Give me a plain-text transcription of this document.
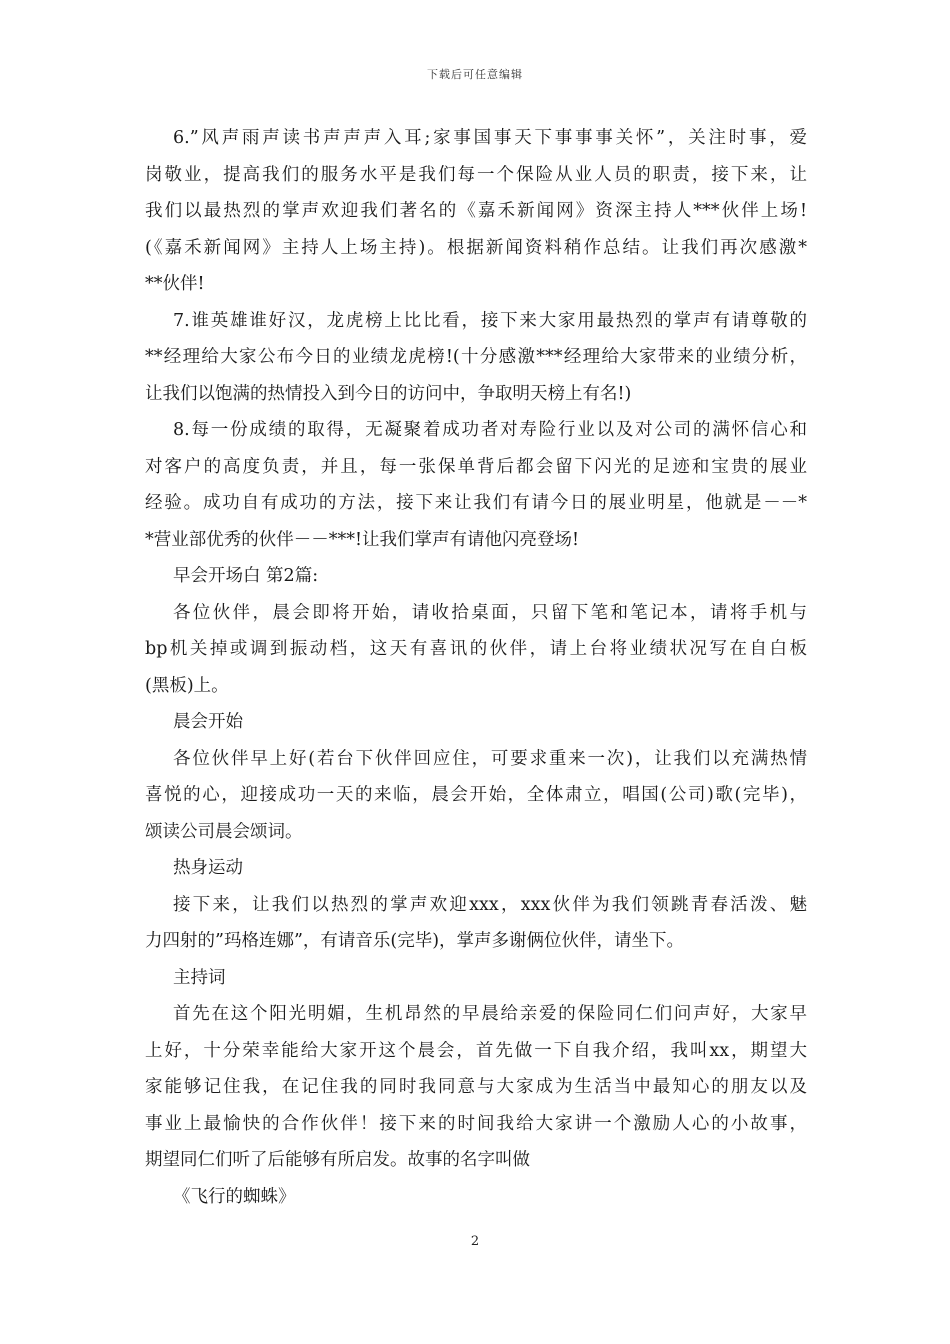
下载后可任意编辑
6.”风声雨声读书声声声入耳;家事国事天下事事事关怀”，关注时事，爱
岗敬业，提高我们的服务水平是我们每一个保险从业人员的职责，接下来，让
我们以最热烈的掌声欢迎我们著名的《嘉禾新闻网》资深主持人***伙伴上场!
(《嘉禾新闻网》主持人上场主持)。根据新闻资料稍作总结。让我们再次感激*
**伙伴!
7.谁英雄谁好汉，龙虎榜上比比看，接下来大家用最热烈的掌声有请尊敬的
**经理给大家公布今日的业绩龙虎榜!(十分感激***经理给大家带来的业绩分析，
让我们以饱满的热情投入到今日的访问中，争取明天榜上有名!)
8.每一份成绩的取得，无凝聚着成功者对寿险行业以及对公司的满怀信心和
对客户的高度负责，并且，每一张保单背后都会留下闪光的足迹和宝贵的展业
经验。成功自有成功的方法，接下来让我们有请今日的展业明星，他就是－－*
*营业部优秀的伙伴－－***!让我们掌声有请他闪亮登场!
早会开场白 第2篇:
各位伙伴，晨会即将开始，请收拾桌面，只留下笔和笔记本，请将手机与
bp机关掉或调到振动档，这天有喜讯的伙伴，请上台将业绩状况写在自白板
(黑板)上。
晨会开始
各位伙伴早上好(若台下伙伴回应住，可要求重来一次)，让我们以充满热情
喜悦的心，迎接成功一天的来临，晨会开始，全体肃立，唱国(公司)歌(完毕)，
颂读公司晨会颂词。
热身运动
接下来，让我们以热烈的掌声欢迎xxx，xxx伙伴为我们领跳青春活泼、魅
力四射的”玛格连娜”，有请音乐(完毕)，掌声多谢俩位伙伴，请坐下。
主持词
首先在这个阳光明媚，生机昂然的早晨给亲爱的保险同仁们问声好，大家早
上好，十分荣幸能给大家开这个晨会，首先做一下自我介绍，我叫xx，期望大
家能够记住我，在记住我的同时我同意与大家成为生活当中最知心的朋友以及
事业上最愉快的合作伙伴！接下来的时间我给大家讲一个激励人心的小故事，
期望同仁们听了后能够有所启发。故事的名字叫做
《飞行的蜘蛛》
2
